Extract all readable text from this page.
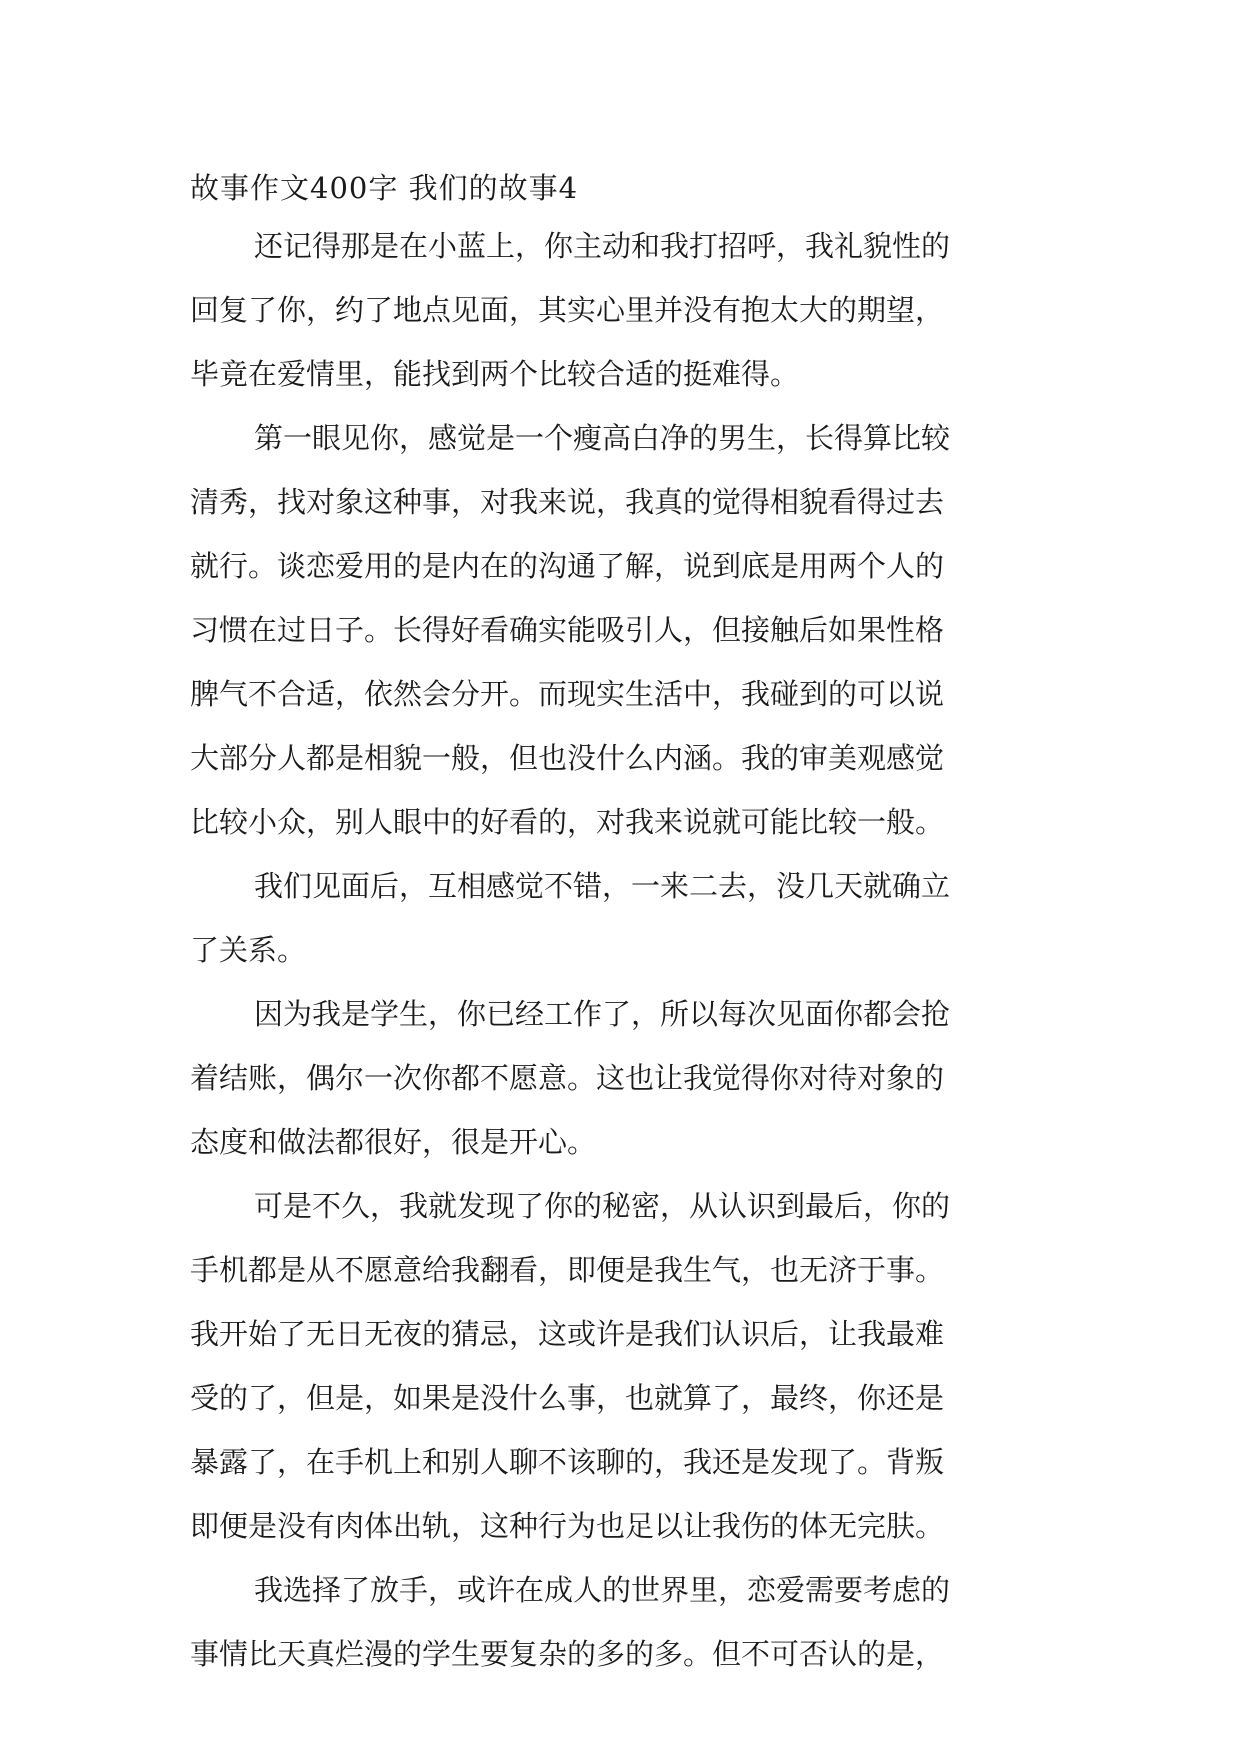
故事作文400字 我们的故事4

还记得那是在小蓝上，你主动和我打招呼，我礼貌性的

回复了你，约了地点见面，其实心里并没有抱太大的期望，

毕竟在爱情里，能找到两个比较合适的挺难得。

第一眼见你，感觉是一个瘦高白净的男生，长得算比较

清秀，找对象这种事，对我来说，我真的觉得相貌看得过去

就行。谈恋爱用的是内在的沟通了解，说到底是用两个人的

习惯在过日子。长得好看确实能吸引人，但接触后如果性格

脾气不合适，依然会分开。而现实生活中，我碰到的可以说

大部分人都是相貌一般，但也没什么内涵。我的审美观感觉

比较小众，别人眼中的好看的，对我来说就可能比较一般。

我们见面后，互相感觉不错，一来二去，没几天就确立

了关系。

因为我是学生，你已经工作了，所以每次见面你都会抢

着结账，偶尔一次你都不愿意。这也让我觉得你对待对象的

态度和做法都很好，很是开心。

可是不久，我就发现了你的秘密，从认识到最后，你的

手机都是从不愿意给我翻看，即便是我生气，也无济于事。

我开始了无日无夜的猜忌，这或许是我们认识后，让我最难

受的了，但是，如果是没什么事，也就算了，最终，你还是

暴露了，在手机上和别人聊不该聊的，我还是发现了。背叛

即便是没有肉体出轨，这种行为也足以让我伤的体无完肤。

我选择了放手，或许在成人的世界里，恋爱需要考虑的

事情比天真烂漫的学生要复杂的多的多。但不可否认的是，
